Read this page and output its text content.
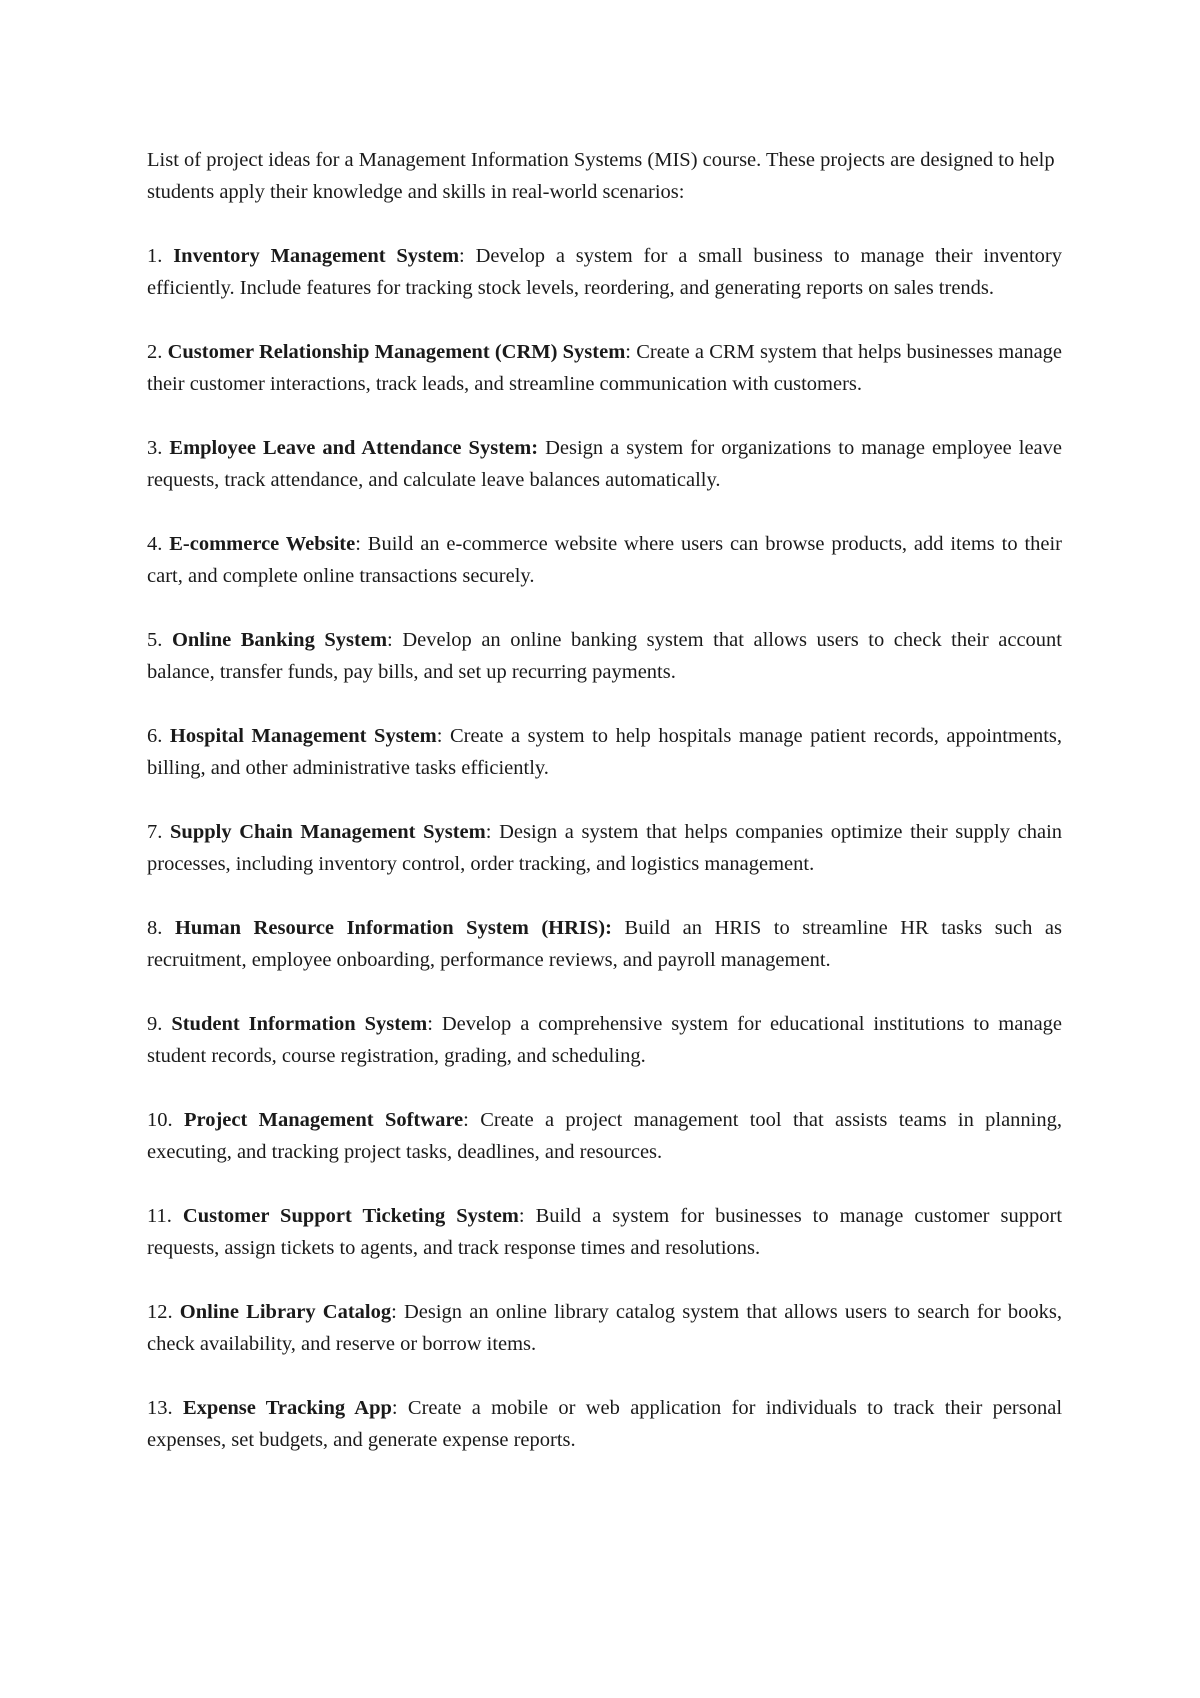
List of project ideas for a Management Information Systems (MIS) course. These projects are designed to help students apply their knowledge and skills in real-world scenarios:

1. Inventory Management System: Develop a system for a small business to manage their inventory efficiently. Include features for tracking stock levels, reordering, and generating reports on sales trends.
2. Customer Relationship Management (CRM) System: Create a CRM system that helps businesses manage their customer interactions, track leads, and streamline communication with customers.
3. Employee Leave and Attendance System: Design a system for organizations to manage employee leave requests, track attendance, and calculate leave balances automatically.
4. E-commerce Website: Build an e-commerce website where users can browse products, add items to their cart, and complete online transactions securely.
5. Online Banking System: Develop an online banking system that allows users to check their account balance, transfer funds, pay bills, and set up recurring payments.
6. Hospital Management System: Create a system to help hospitals manage patient records, appointments, billing, and other administrative tasks efficiently.
7. Supply Chain Management System: Design a system that helps companies optimize their supply chain processes, including inventory control, order tracking, and logistics management.
8. Human Resource Information System (HRIS): Build an HRIS to streamline HR tasks such as recruitment, employee onboarding, performance reviews, and payroll management.
9. Student Information System: Develop a comprehensive system for educational institutions to manage student records, course registration, grading, and scheduling.
10. Project Management Software: Create a project management tool that assists teams in planning, executing, and tracking project tasks, deadlines, and resources.
11. Customer Support Ticketing System: Build a system for businesses to manage customer support requests, assign tickets to agents, and track response times and resolutions.
12. Online Library Catalog: Design an online library catalog system that allows users to search for books, check availability, and reserve or borrow items.
13. Expense Tracking App: Create a mobile or web application for individuals to track their personal expenses, set budgets, and generate expense reports.
